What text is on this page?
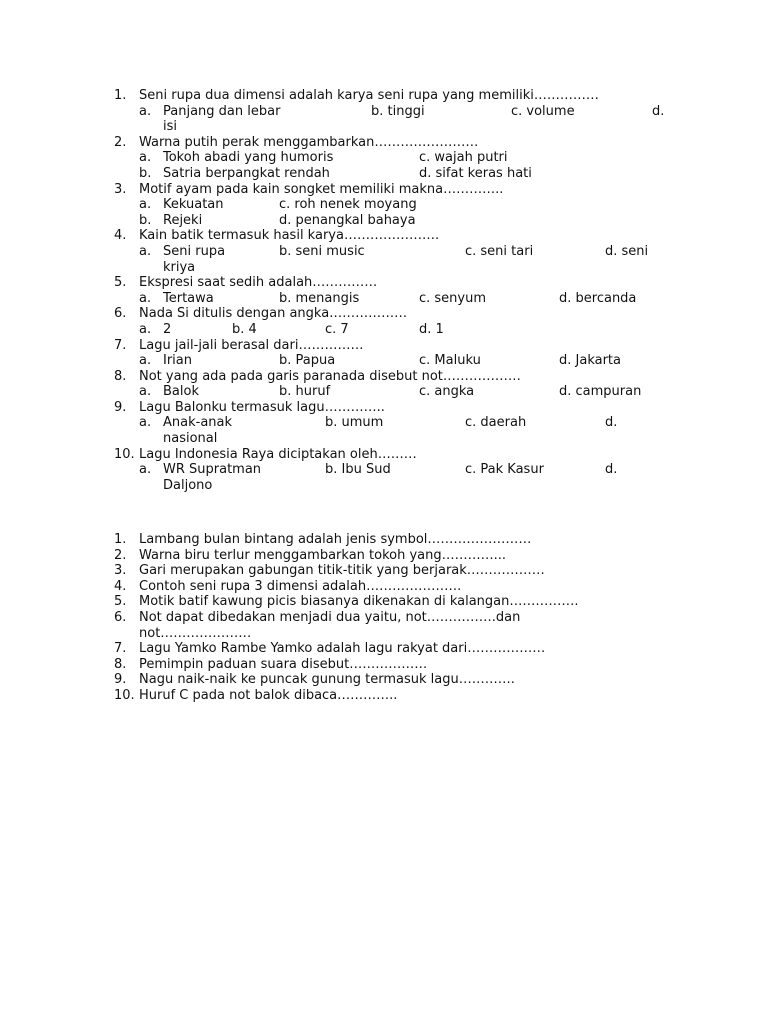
1. Seni rupa dua dimensi adalah karya seni rupa yang memiliki……………
a. Panjang dan lebar	b. tinggi	c. volume	d.
isi
2. Warna putih perak menggambarkan……………………
a. Tokoh abadi yang humoris	c. wajah putri
b. Satria berpangkat rendah	d. sifat keras hati
3. Motif ayam pada kain songket memiliki makna…………..
a. Kekuatan	c. roh nenek moyang
b. Rejeki	d. penangkal bahaya
4. Kain batik termasuk hasil karya………………….
a. Seni rupa	b. seni music	c. seni tari	d. seni
kriya
5. Ekspresi saat sedih adalah……………
a. Tertawa	b. menangis	c. senyum	d. bercanda
6. Nada Si ditulis dengan angka………………
a. 2	b. 4	c. 7	d. 1
7. Lagu jail-jali berasal dari……………
a. Irian	b. Papua	c. Maluku	d. Jakarta
8. Not yang ada pada garis paranada disebut not………………
a. Balok	b. huruf	c. angka	d. campuran
9. Lagu Balonku termasuk lagu…………..
a. Anak-anak	b. umum	c. daerah	d.
nasional
10. Lagu Indonesia Raya diciptakan oleh………
a. WR Supratman	b. Ibu Sud	c. Pak Kasur	d.
Daljono
1. Lambang bulan bintang adalah jenis symbol……………………
2. Warna biru terlur menggambarkan tokoh yang…………...
3. Gari merupakan gabungan titik-titik yang berjarak………………
4. Contoh seni rupa 3 dimensi adalah………………….
5. Motik batif kawung picis biasanya dikenakan di kalangan…………….
6. Not dapat dibedakan menjadi dua yaitu, not…………….dan
not…………………
7. Lagu Yamko Rambe Yamko adalah lagu rakyat dari………………
8. Pemimpin paduan suara disebut………………
9. Nagu naik-naik ke puncak gunung termasuk lagu………….
10. Huruf C pada not balok dibaca…………..
